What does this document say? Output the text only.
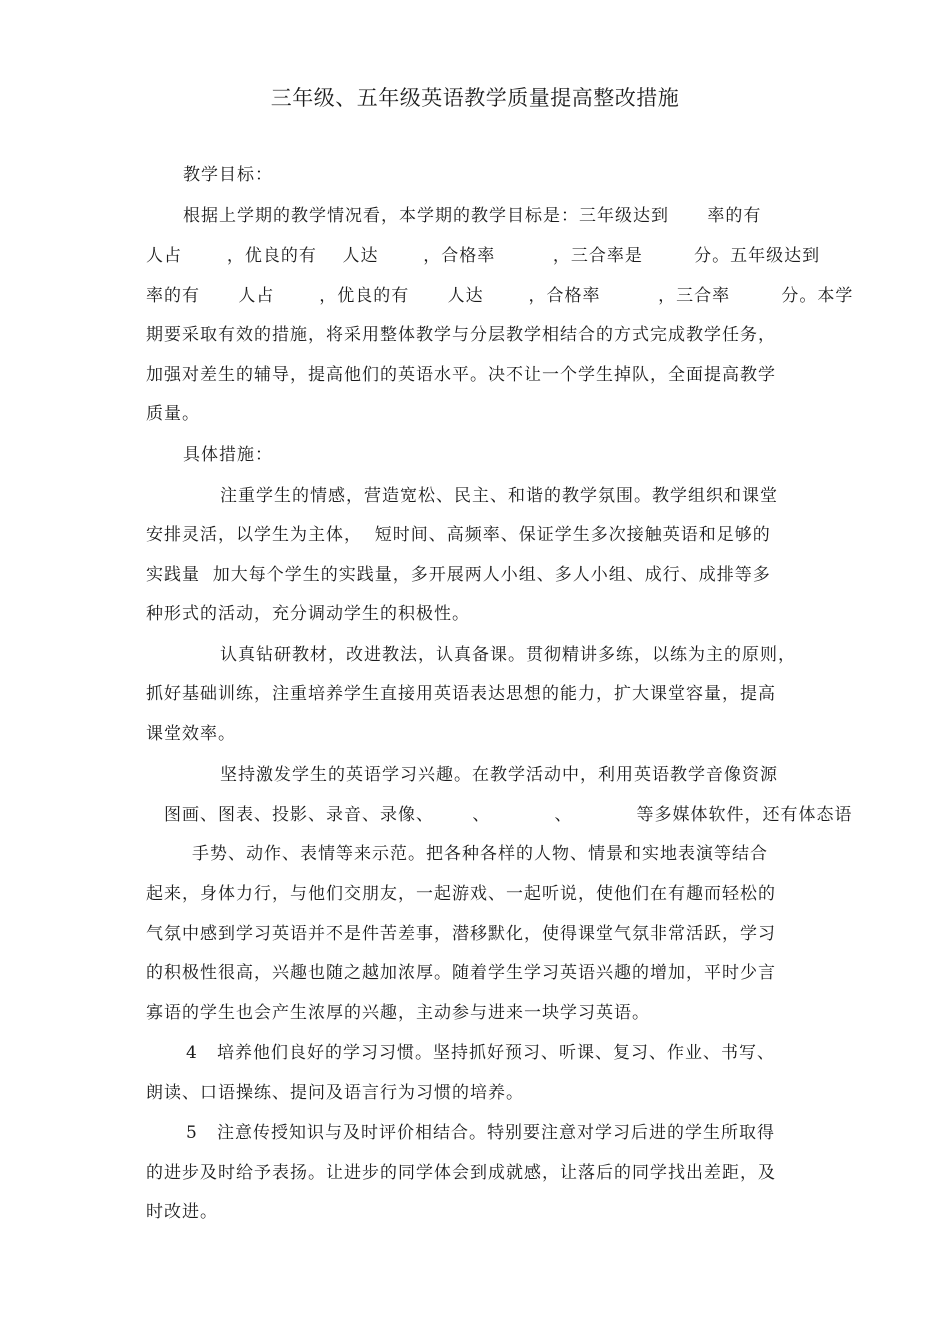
三年级、五年级英语教学质量提高整改措施
教学目标：
根据上学期的教学情况看，本学期的教学目标是：三年级达到      率的有
人占       ，优良的有    人达       ，合格率         ，三合率是        分。五年级达到
率的有      人占       ，优良的有      人达       ，合格率         ，三合率        分。本学
期要采取有效的措施，将采用整体教学与分层教学相结合的方式完成教学任务，
加强对差生的辅导，提高他们的英语水平。决不让一个学生掉队，全面提高教学
质量。
具体措施：
注重学生的情感，营造宽松、民主、和谐的教学氛围。教学组织和课堂
安排灵活，以学生为主体，  短时间、高频率、保证学生多次接触英语和足够的
实践量  加大每个学生的实践量，多开展两人小组、多人小组、成行、成排等多
种形式的活动，充分调动学生的积极性。
认真钻研教材，改进教法，认真备课。贯彻精讲多练，以练为主的原则，
抓好基础训练，注重培养学生直接用英语表达思想的能力，扩大课堂容量，提高
课堂效率。
坚持激发学生的英语学习兴趣。在教学活动中，利用英语教学音像资源
图画、图表、投影、录音、录像、      、          、          等多媒体软件，还有体态语
手势、动作、表情等来示范。把各种各样的人物、情景和实地表演等结合
起来，身体力行，与他们交朋友，一起游戏、一起听说，使他们在有趣而轻松的
气氛中感到学习英语并不是件苦差事，潜移默化，使得课堂气氛非常活跃，学习
的积极性很高，兴趣也随之越加浓厚。随着学生学习英语兴趣的增加，平时少言
寡语的学生也会产生浓厚的兴趣，主动参与进来一块学习英语。
4   培养他们良好的学习习惯。坚持抓好预习、听课、复习、作业、书写、
朗读、口语操练、提问及语言行为习惯的培养。
5   注意传授知识与及时评价相结合。特别要注意对学习后进的学生所取得
的进步及时给予表扬。让进步的同学体会到成就感，让落后的同学找出差距，及
时改进。
